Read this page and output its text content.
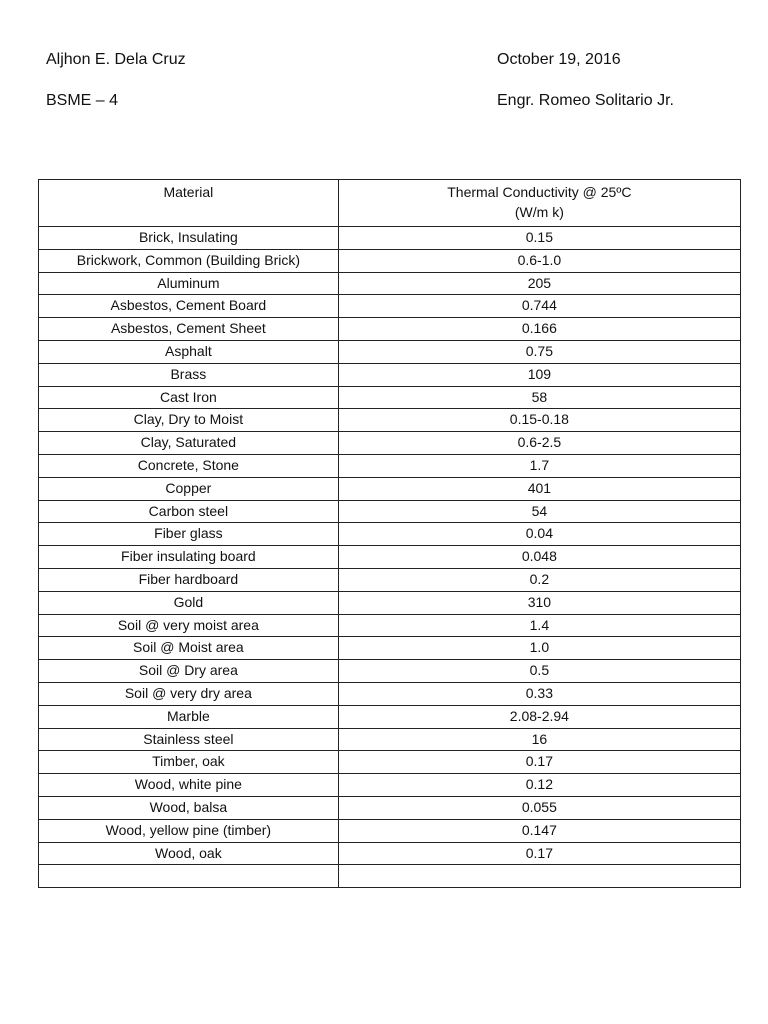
Aljhon E. Dela Cruz	October 19, 2016
BSME – 4	Engr. Romeo Solitario Jr.
Material	Thermal Conductivity @ 25ºC
(W/m k)

Brick, Insulating	0.15
Brickwork, Common (Building Brick)	0.6-1.0
Aluminum	205
Asbestos, Cement Board	0.744
Asbestos, Cement Sheet	0.166
Asphalt	0.75
Brass	109
Cast Iron	58
Clay, Dry to Moist	0.15-0.18
Clay, Saturated	0.6-2.5
Concrete, Stone	1.7
Copper	401
Carbon steel	54
Fiber glass	0.04
Fiber insulating board	0.048
Fiber hardboard	0.2
Gold	310
Soil @ very moist area	1.4
Soil @ Moist area	1.0
Soil @ Dry area	0.5
Soil @ very dry area	0.33
Marble	2.08-2.94
Stainless steel	16
Timber, oak	0.17
Wood, white pine	0.12
Wood, balsa	0.055
Wood, yellow pine (timber)	0.147
Wood, oak	0.17
